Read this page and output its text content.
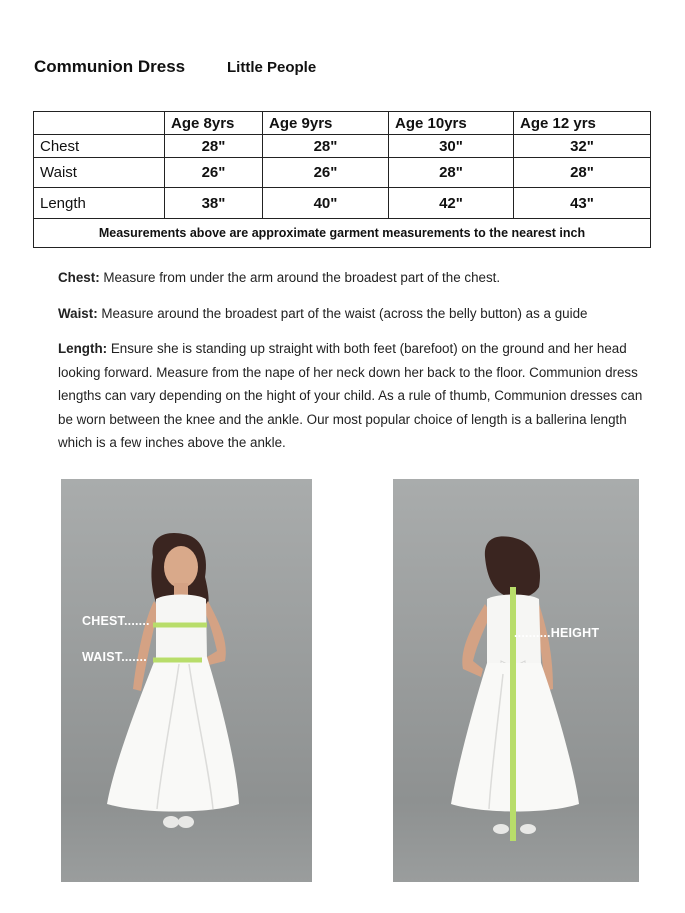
Communion Dress	Little People
	Age 8yrs	Age 9yrs	Age 10yrs	Age 12 yrs
Chest	28"	28"	30"	32"
Waist	26"	26"	28"	28"
Length	38"	40"	42"	43"
Measurements above are approximate garment measurements to the nearest inch				

Chest: Measure from under the arm around the broadest part of the chest.

Waist: Measure around the broadest part of the waist (across the belly button) as a guide

Length: Ensure she is standing up straight with both feet (barefoot) on the ground and her head looking forward. Measure from the nape of her neck down her back to the floor. Communion dress lengths can vary depending on the hight of your child. As a rule of thumb, Communion dresses can be worn between the knee and the ankle. Our most popular choice of length is a ballerina length which is a few inches above the ankle.

CHEST.......
WAIST.......
..........HEIGHT
